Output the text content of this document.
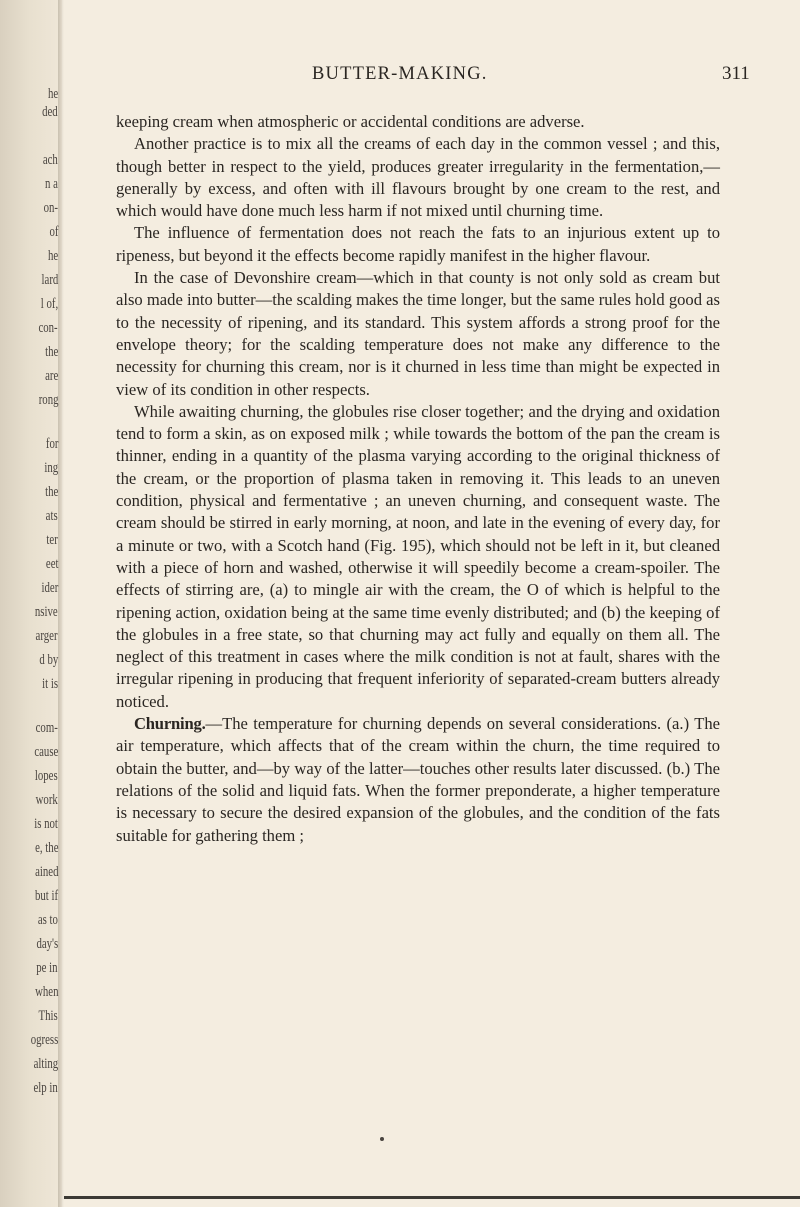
he
ded
ach
n a
on-
of
he
lard
l of,
con-
the
are
rong
for
ing
the
ats
ter
eet
ider
nsive
arger
d by
it is
com-
cause
lopes
work
is not
e, the
ained
but if
as to
day's
pe in
when
This
ogress
alting
elp in
BUTTER-MAKING.	311

keeping cream when atmospheric or accidental conditions are adverse.

Another practice is to mix all the creams of each day in the common vessel ; and this, though better in respect to the yield, produces greater irregularity in the fermentation,—generally by excess, and often with ill flavours brought by one cream to the rest, and which would have done much less harm if not mixed until churning time.

The influence of fermentation does not reach the fats to an injurious extent up to ripeness, but beyond it the effects become rapidly manifest in the higher flavour.

In the case of Devonshire cream—which in that county is not only sold as cream but also made into butter—the scalding makes the time longer, but the same rules hold good as to the necessity of ripening, and its standard. This system affords a strong proof for the envelope theory; for the scalding temperature does not make any difference to the necessity for churning this cream, nor is it churned in less time than might be expected in view of its condition in other respects.

While awaiting churning, the globules rise closer together; and the drying and oxidation tend to form a skin, as on exposed milk ; while towards the bottom of the pan the cream is thinner, ending in a quantity of the plasma varying according to the original thickness of the cream, or the proportion of plasma taken in removing it. This leads to an uneven condition, physical and fermentative ; an uneven churning, and consequent waste. The cream should be stirred in early morning, at noon, and late in the evening of every day, for a minute or two, with a Scotch hand (Fig. 195), which should not be left in it, but cleaned with a piece of horn and washed, otherwise it will speedily become a cream-spoiler. The effects of stirring are, (a) to mingle air with the cream, the O of which is helpful to the ripening action, oxidation being at the same time evenly distributed; and (b) the keeping of the globules in a free state, so that churning may act fully and equally on them all. The neglect of this treatment in cases where the milk condition is not at fault, shares with the irregular ripening in producing that frequent inferiority of separated-cream butters already noticed.

Churning.—The temperature for churning depends on several considerations. (a.) The air temperature, which affects that of the cream within the churn, the time required to obtain the butter, and—by way of the latter—touches other results later discussed. (b.) The relations of the solid and liquid fats. When the former preponderate, a higher temperature is necessary to secure the desired expansion of the globules, and the condition of the fats suitable for gathering them ;
